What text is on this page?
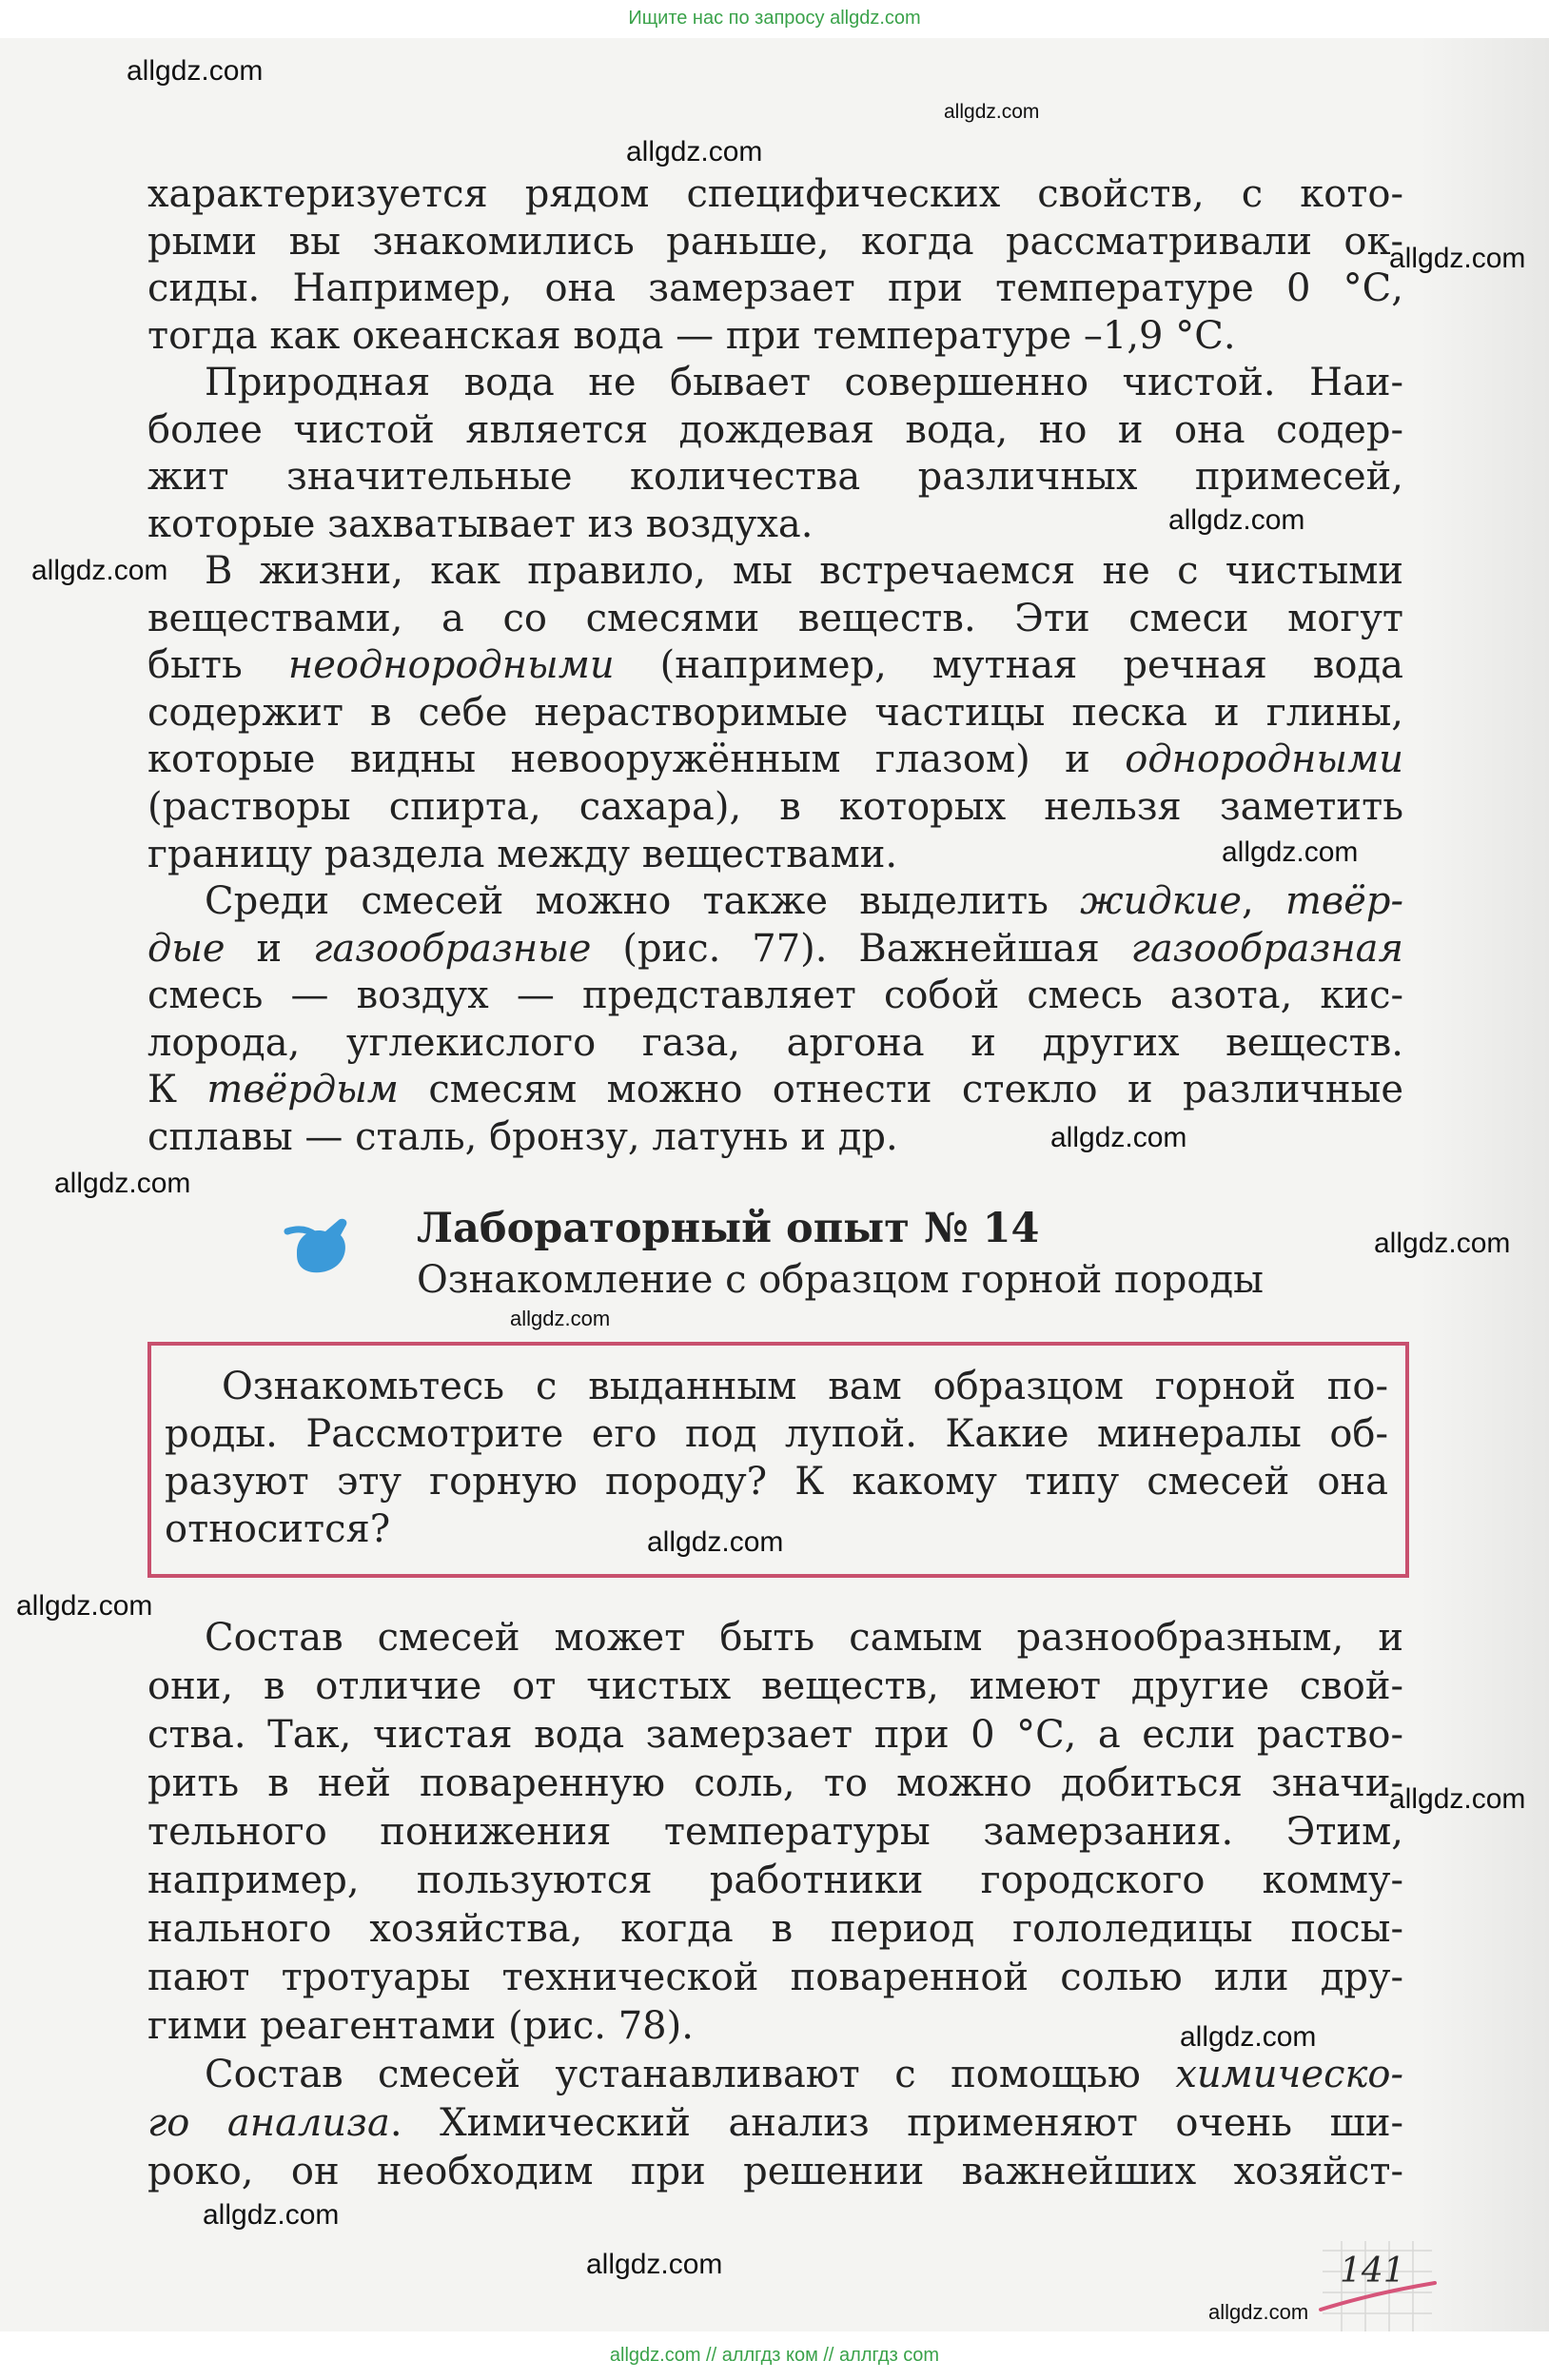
Ищите нас по запросу allgdz.com
характеризуется рядом специфических свойств, с кото-
рыми вы знакомились раньше, когда рассматривали ок-
сиды. Например, она замерзает при температуре 0 °С,
тогда как океанская вода — при температуре –1,9 °С.
Природная вода не бывает совершенно чистой. Наи-
более чистой является дождевая вода, но и она содер-
жит значительные количества различных примесей,
которые захватывает из воздуха.
В жизни, как правило, мы встречаемся не с чистыми
веществами, а со смесями веществ. Эти смеси могут
быть неоднородными (например, мутная речная вода
содержит в себе нерастворимые частицы песка и глины,
которые видны невооружённым глазом) и однородными
(растворы спирта, сахара), в которых нельзя заметить
границу раздела между веществами.
Среди смесей можно также выделить жидкие, твёр-
дые и газообразные (рис. 77). Важнейшая газообразная
смесь — воздух — представляет собой смесь азота, кис-
лорода, углекислого газа, аргона и других веществ.
К твёрдым смесям можно отнести стекло и различные
сплавы — сталь, бронзу, латунь и др.
Лабораторный опыт № 14
Ознакомление с образцом горной породы
Ознакомьтесь с выданным вам образцом горной по-
роды. Рассмотрите его под лупой. Какие минералы об-
разуют эту горную породу? К какому типу смесей она
относится?
Состав смесей может быть самым разнообразным, и
они, в отличие от чистых веществ, имеют другие свой-
ства. Так, чистая вода замерзает при 0 °С, а если раство-
рить в ней поваренную соль, то можно добиться значи-
тельного понижения температуры замерзания. Этим,
например, пользуются работники городского комму-
нального хозяйства, когда в период гололедицы посы-
пают тротуары технической поваренной солью или дру-
гими реагентами (рис. 78).
Состав смесей устанавливают с помощью химическо-
го анализа. Химический анализ применяют очень ши-
роко, он необходим при решении важнейших хозяйст-
141
allgdz.com
allgdz.com
allgdz.com
allgdz.com
allgdz.com
allgdz.com
allgdz.com
allgdz.com
allgdz.com
allgdz.com
allgdz.com
allgdz.com
allgdz.com
allgdz.com
allgdz.com
allgdz.com
allgdz.com
allgdz.com
allgdz.com // аллгдз ком // аллгдз com
